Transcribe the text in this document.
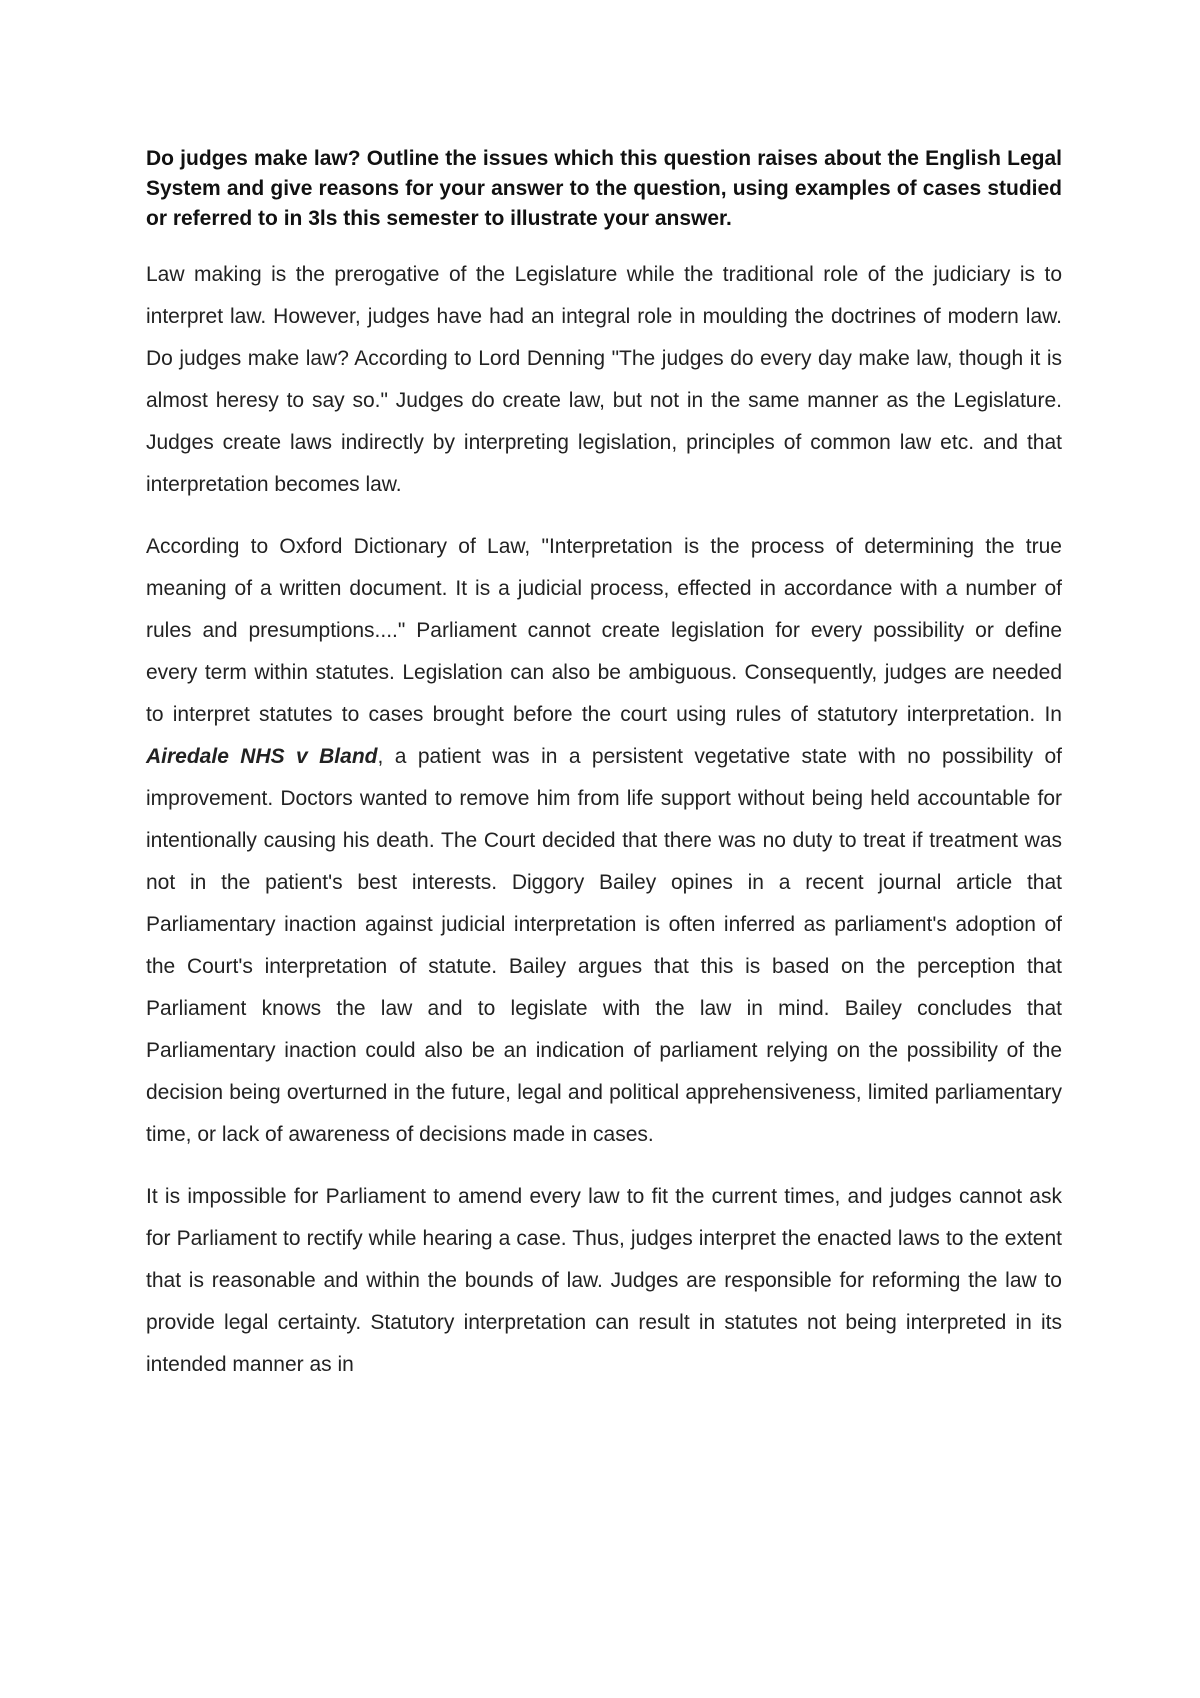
Do judges make law? Outline the issues which this question raises about the English Legal System and give reasons for your answer to the question, using examples of cases studied or referred to in 3ls this semester to illustrate your answer.

Law making is the prerogative of the Legislature while the traditional role of the judiciary is to interpret law. However, judges have had an integral role in moulding the doctrines of modern law. Do judges make law? According to Lord Denning "The judges do every day make law, though it is almost heresy to say so." Judges do create law, but not in the same manner as the Legislature. Judges create laws indirectly by interpreting legislation, principles of common law etc. and that interpretation becomes law.

According to Oxford Dictionary of Law, "Interpretation is the process of determining the true meaning of a written document. It is a judicial process, effected in accordance with a number of rules and presumptions...." Parliament cannot create legislation for every possibility or define every term within statutes. Legislation can also be ambiguous. Consequently, judges are needed to interpret statutes to cases brought before the court using rules of statutory interpretation. In Airedale NHS v Bland, a patient was in a persistent vegetative state with no possibility of improvement. Doctors wanted to remove him from life support without being held accountable for intentionally causing his death. The Court decided that there was no duty to treat if treatment was not in the patient's best interests. Diggory Bailey opines in a recent journal article that Parliamentary inaction against judicial interpretation is often inferred as parliament's adoption of the Court's interpretation of statute. Bailey argues that this is based on the perception that Parliament knows the law and to legislate with the law in mind. Bailey concludes that Parliamentary inaction could also be an indication of parliament relying on the possibility of the decision being overturned in the future, legal and political apprehensiveness, limited parliamentary time, or lack of awareness of decisions made in cases.

It is impossible for Parliament to amend every law to fit the current times, and judges cannot ask for Parliament to rectify while hearing a case. Thus, judges interpret the enacted laws to the extent that is reasonable and within the bounds of law. Judges are responsible for reforming the law to provide legal certainty. Statutory interpretation can result in statutes not being interpreted in its intended manner as in
